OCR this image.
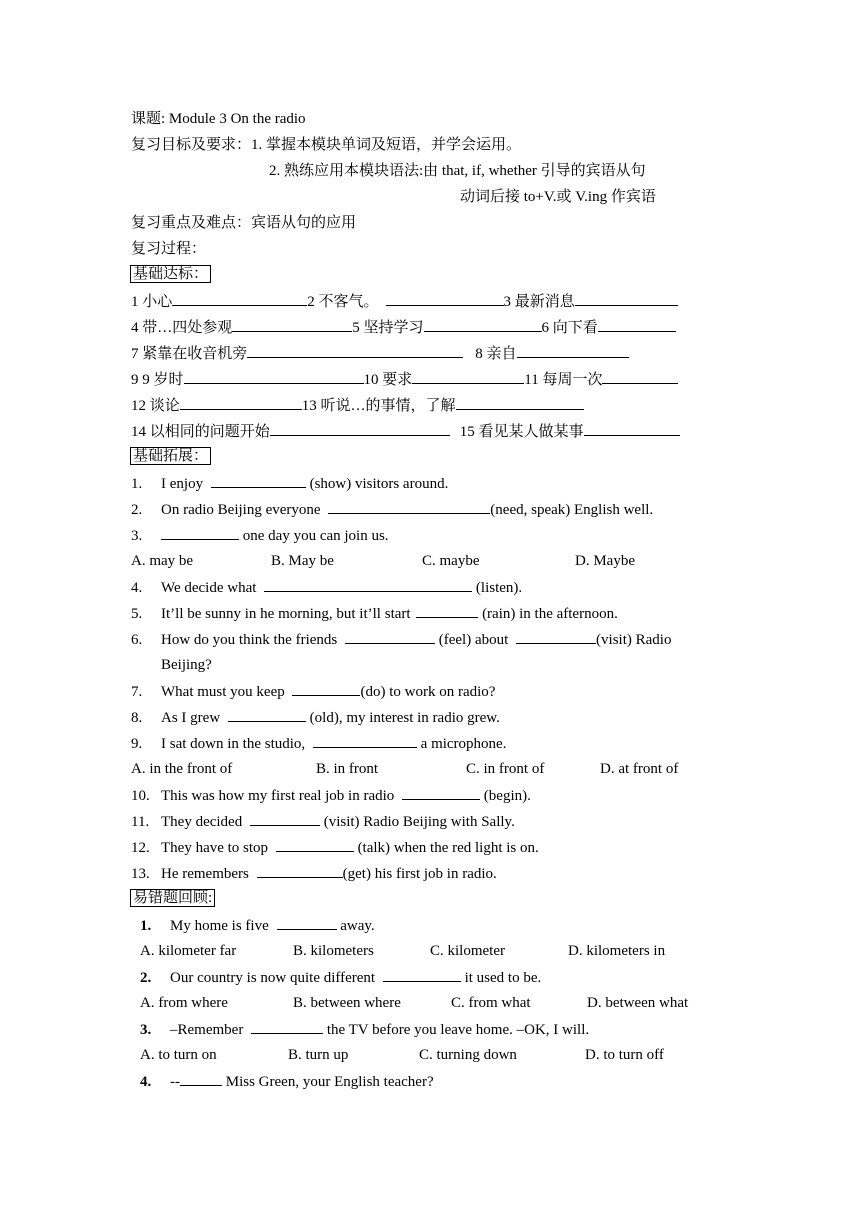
课题: Module 3 On the radio
复习目标及要求：1. 掌握本模块单词及短语，并学会运用。
2. 熟练应用本模块语法:由 that, if, whether 引导的宾语从句
动词后接 to+V.或 V.ing 作宾语
复习重点及难点：宾语从句的应用
复习过程：
基础达标：
1 小心	2 不客气。	3 最新消息
4 带…四处参观	5 坚持学习	6 向下看
7 紧靠在收音机旁	8 亲自
9 9 岁时	10 要求	11 每周一次
12 谈论	13 听说…的事情，了解
14 以相同的问题开始	15 看见某人做某事
基础拓展：
1. I enjoy	(show) visitors around.
2. On radio Beijing everyone	(need, speak) English well.
3.	one day you can join us.
A. may be	B. May be	C. maybe	D. Maybe
4. We decide what	(listen).
5. It’ll be sunny in he morning, but it’ll start	(rain) in the afternoon.
6. How do you think the friends	(feel) about	(visit) Radio
Beijing?
7. What must you keep	(do) to work on radio?
8. As I grew	(old), my interest in radio grew.
9. I sat down in the studio,	a microphone.
A. in the front of	B. in front	C. in front of	D. at front of
10. This was how my first real job in radio	(begin).
11. They decided	(visit) Radio Beijing with Sally.
12. They have to stop	(talk) when the red light is on.
13. He remembers	(get) his first job in radio.
易错题回顾:
1. My home is five	away.
A. kilometer far	B. kilometers	C. kilometer	D. kilometers in
2. Our country is now quite different	it used to be.
A. from where	B. between where	C. from what	D. between what
3. –Remember	the TV before you leave home. –OK, I will.
A. to turn on	B. turn up	C. turning down	D. to turn off
4. --	Miss Green, your English teacher?
